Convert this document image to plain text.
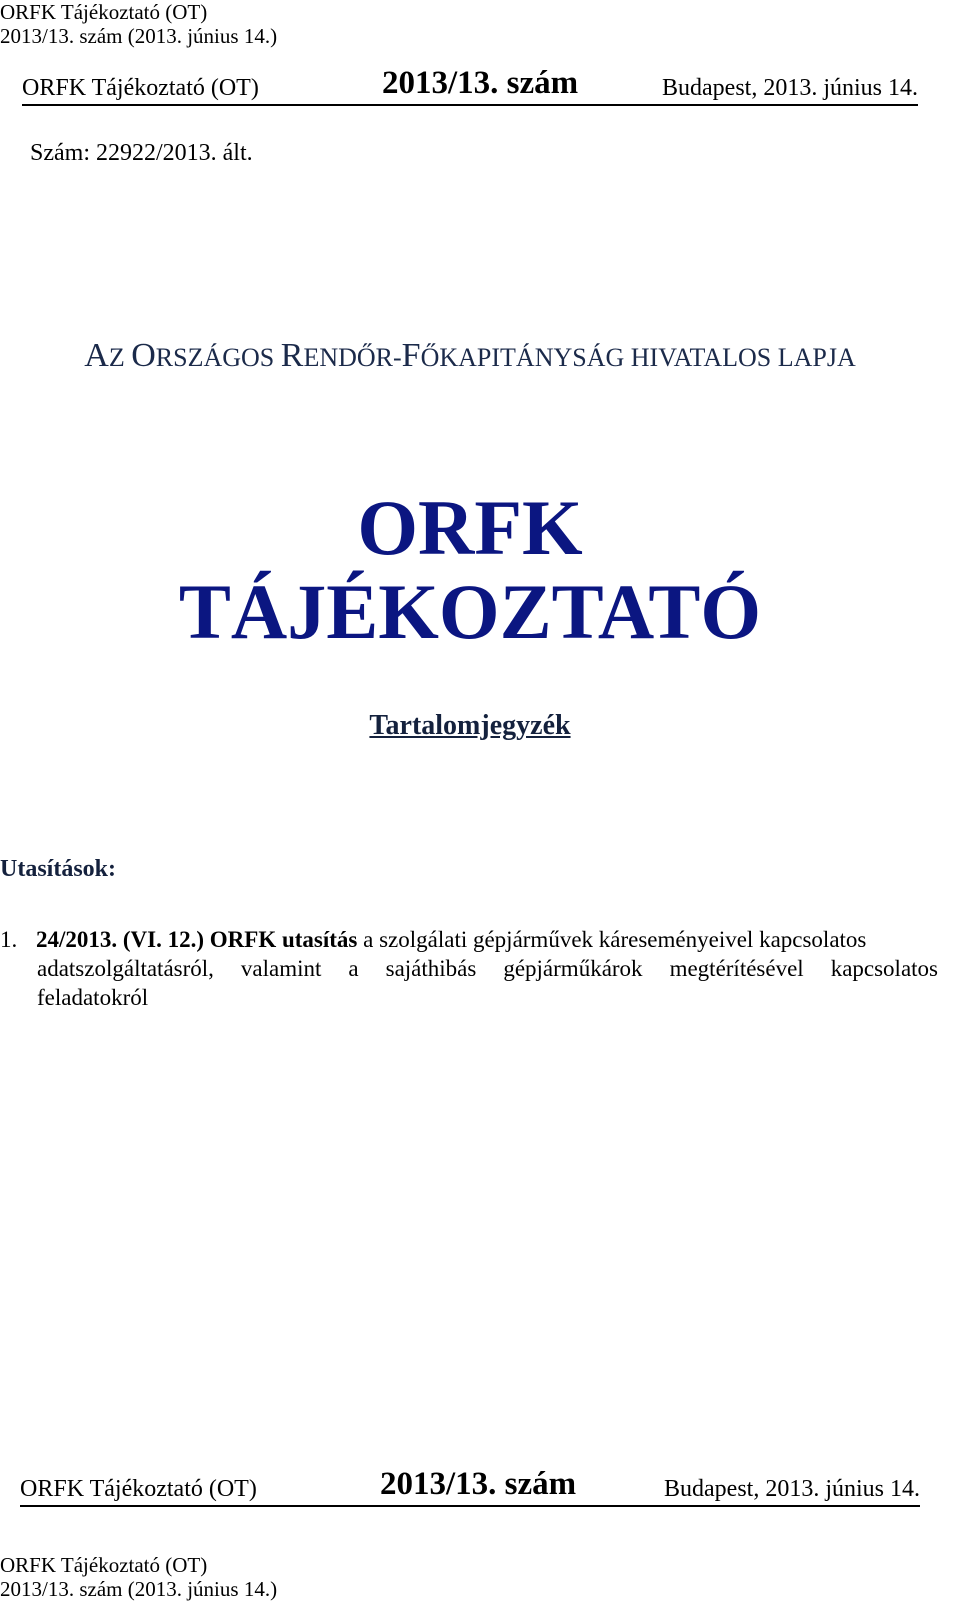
ORFK Tájékoztató (OT)
2013/13. szám (2013. június 14.)
ORFK Tájékoztató (OT)	2013/13. szám	Budapest, 2013. június 14.
Szám: 22922/2013. ált.
AZ ORSZÁGOS RENDŐR-FŐKAPITÁNYSÁG HIVATALOS LAPJA
ORFK
TÁJÉKOZTATÓ
Tartalomjegyzék
Utasítások:
1. 24/2013. (VI. 12.) ORFK utasítás a szolgálati gépjárművek káreseményeivel kapcsolatos
adatszolgáltatásról, valamint a sajáthibás gépjárműkárok megtérítésével kapcsolatos
feladatokról
ORFK Tájékoztató (OT)	2013/13. szám	Budapest, 2013. június 14.
ORFK Tájékoztató (OT)
2013/13. szám (2013. június 14.)
